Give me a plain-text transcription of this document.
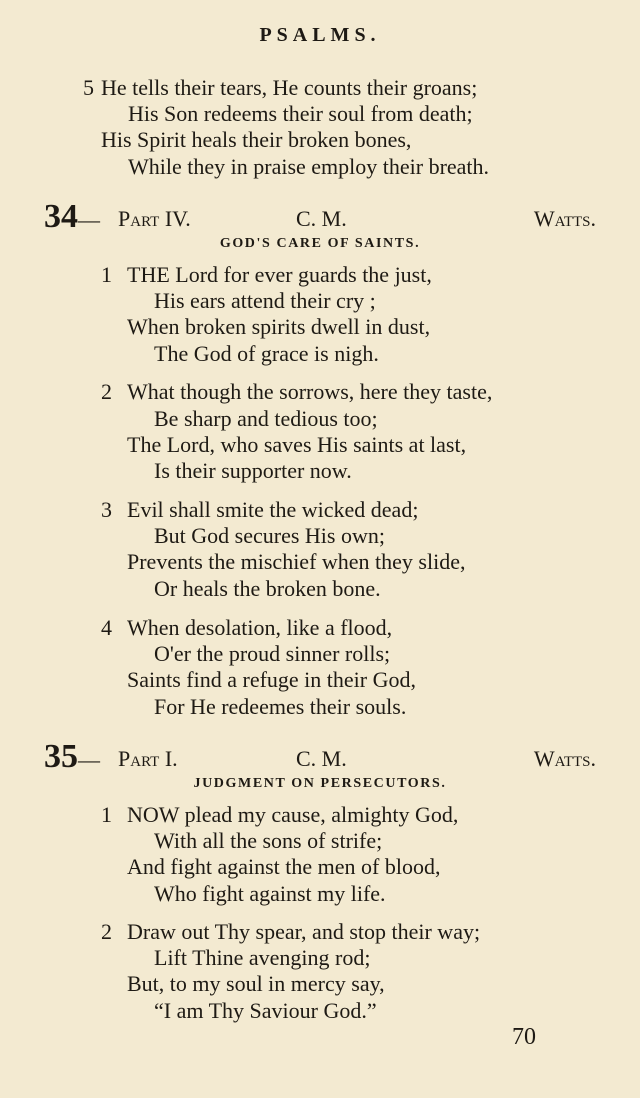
PSALMS.
5 He tells their tears, He counts their groans;
His Son redeems their soul from death;
His Spirit heals their broken bones,
While they in praise employ their breath.
34— Part IV.	C. M.	Watts.
GOD'S CARE OF SAINTS.
1 THE Lord for ever guards the just,
His ears attend their cry ;
When broken spirits dwell in dust,
The God of grace is nigh.
2 What though the sorrows, here they taste,
Be sharp and tedious too;
The Lord, who saves His saints at last,
Is their supporter now.
3 Evil shall smite the wicked dead;
But God secures His own;
Prevents the mischief when they slide,
Or heals the broken bone.
4 When desolation, like a flood,
O'er the proud sinner rolls;
Saints find a refuge in their God,
For He redeemes their souls.
35— Part I.	C. M.	Watts.
JUDGMENT ON PERSECUTORS.
1 NOW plead my cause, almighty God,
With all the sons of strife;
And fight against the men of blood,
Who fight against my life.
2 Draw out Thy spear, and stop their way;
Lift Thine avenging rod;
But, to my soul in mercy say,
“I am Thy Saviour God.”
70
